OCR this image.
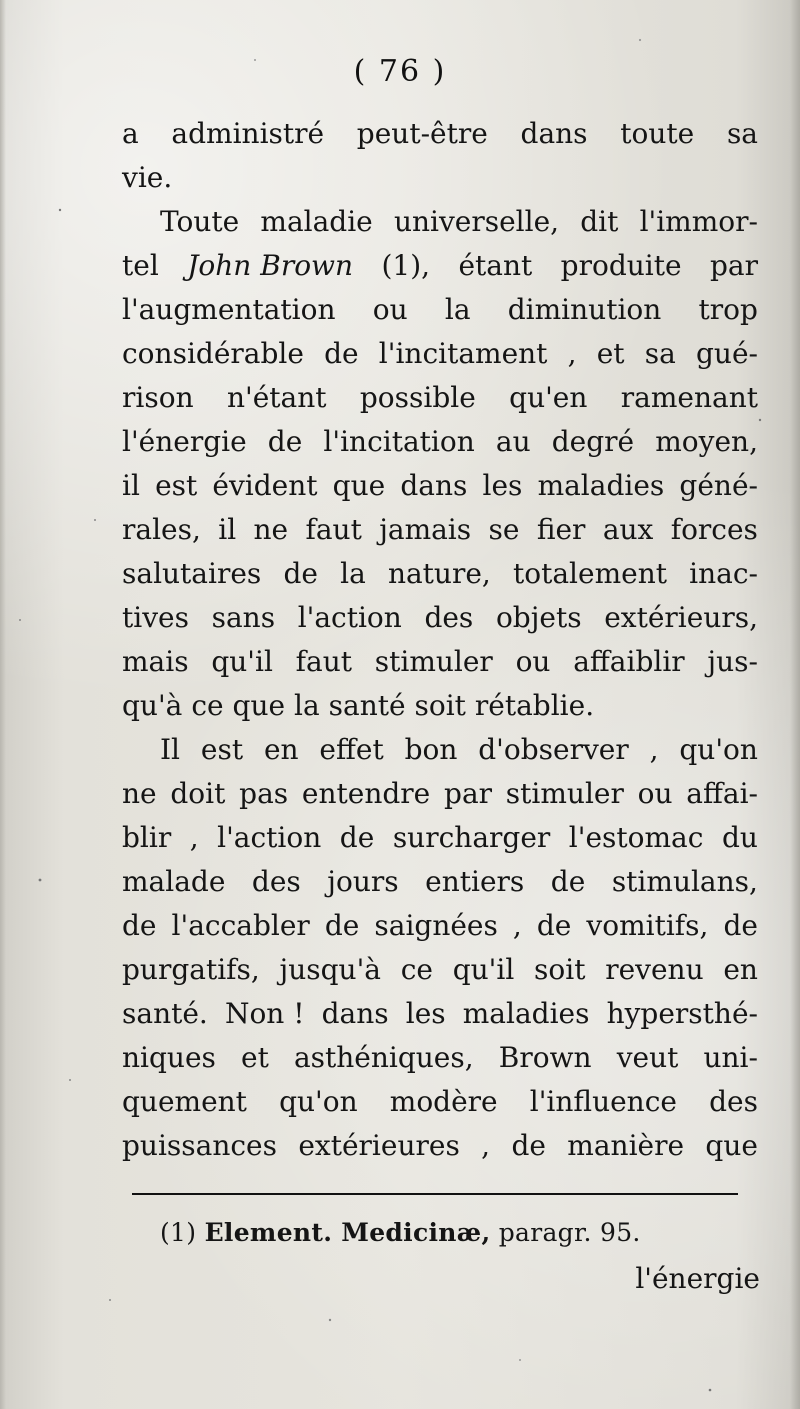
( 76 )
a administré peut-être dans toute sa
vie.
Toute maladie universelle, dit l'immor-
tel John Brown (1), étant produite par
l'augmentation ou la diminution trop
considérable de l'incitament , et sa gué-
rison n'étant possible qu'en ramenant
l'énergie de l'incitation au degré moyen,
il est évident que dans les maladies géné-
rales, il ne faut jamais se fier aux forces
salutaires de la nature, totalement inac-
tives sans l'action des objets extérieurs,
mais qu'il faut stimuler ou affaiblir jus-
qu'à ce que la santé soit rétablie.
Il est en effet bon d'observer , qu'on
ne doit pas entendre par stimuler ou affai-
blir , l'action de surcharger l'estomac du
malade des jours entiers de stimulans,
de l'accabler de saignées , de vomitifs, de
purgatifs, jusqu'à ce qu'il soit revenu en
santé. Non ! dans les maladies hypersthé-
niques et asthéniques, Brown veut uni-
quement qu'on modère l'influence des
puissances extérieures , de manière que
(1) Element. Medicinæ, paragr. 95.
l'énergie
